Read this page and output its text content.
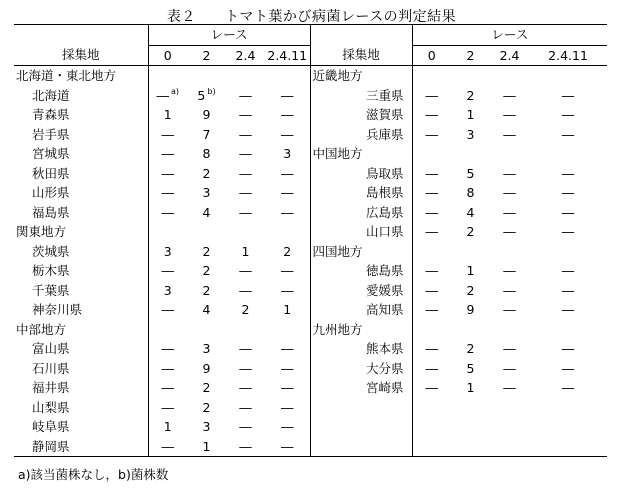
表２　　トマト葉かび病菌レースの判定結果
	レース					レース			
採集地	0	2	2.4	2.4.11	採集地	0	2	2.4	2.4.11
北海道・東北地方					近畿地方				
北海道	― $^{a)}$	5 $^{b)}$	―	―	三重県	―	2	―	―
青森県	1	9	―	―	滋賀県	―	1	―	―
岩手県	―	7	―	―	兵庫県	―	3	―	―
宮城県	―	8	―	3	中国地方				
秋田県	―	2	―	―	鳥取県	―	5	―	―
山形県	―	3	―	―	島根県	―	8	―	―
福島県	―	4	―	―	広島県	―	4	―	―
関東地方					山口県	―	2	―	―
茨城県	3	2	1	2	四国地方				
栃木県	―	2	―	―	徳島県	―	1	―	―
千葉県	3	2	―	―	愛媛県	―	2	―	―
神奈川県	―	4	2	1	高知県	―	9	―	―
中部地方					九州地方				
富山県	―	3	―	―	熊本県	―	2	―	―
石川県	―	9	―	―	大分県	―	5	―	―
福井県	―	2	―	―	宮崎県	―	1	―	―
山梨県	―	2	―	―					
岐阜県	1	3	―	―					
静岡県	―	1	―	―					
a)該当菌株なし，b)菌株数
